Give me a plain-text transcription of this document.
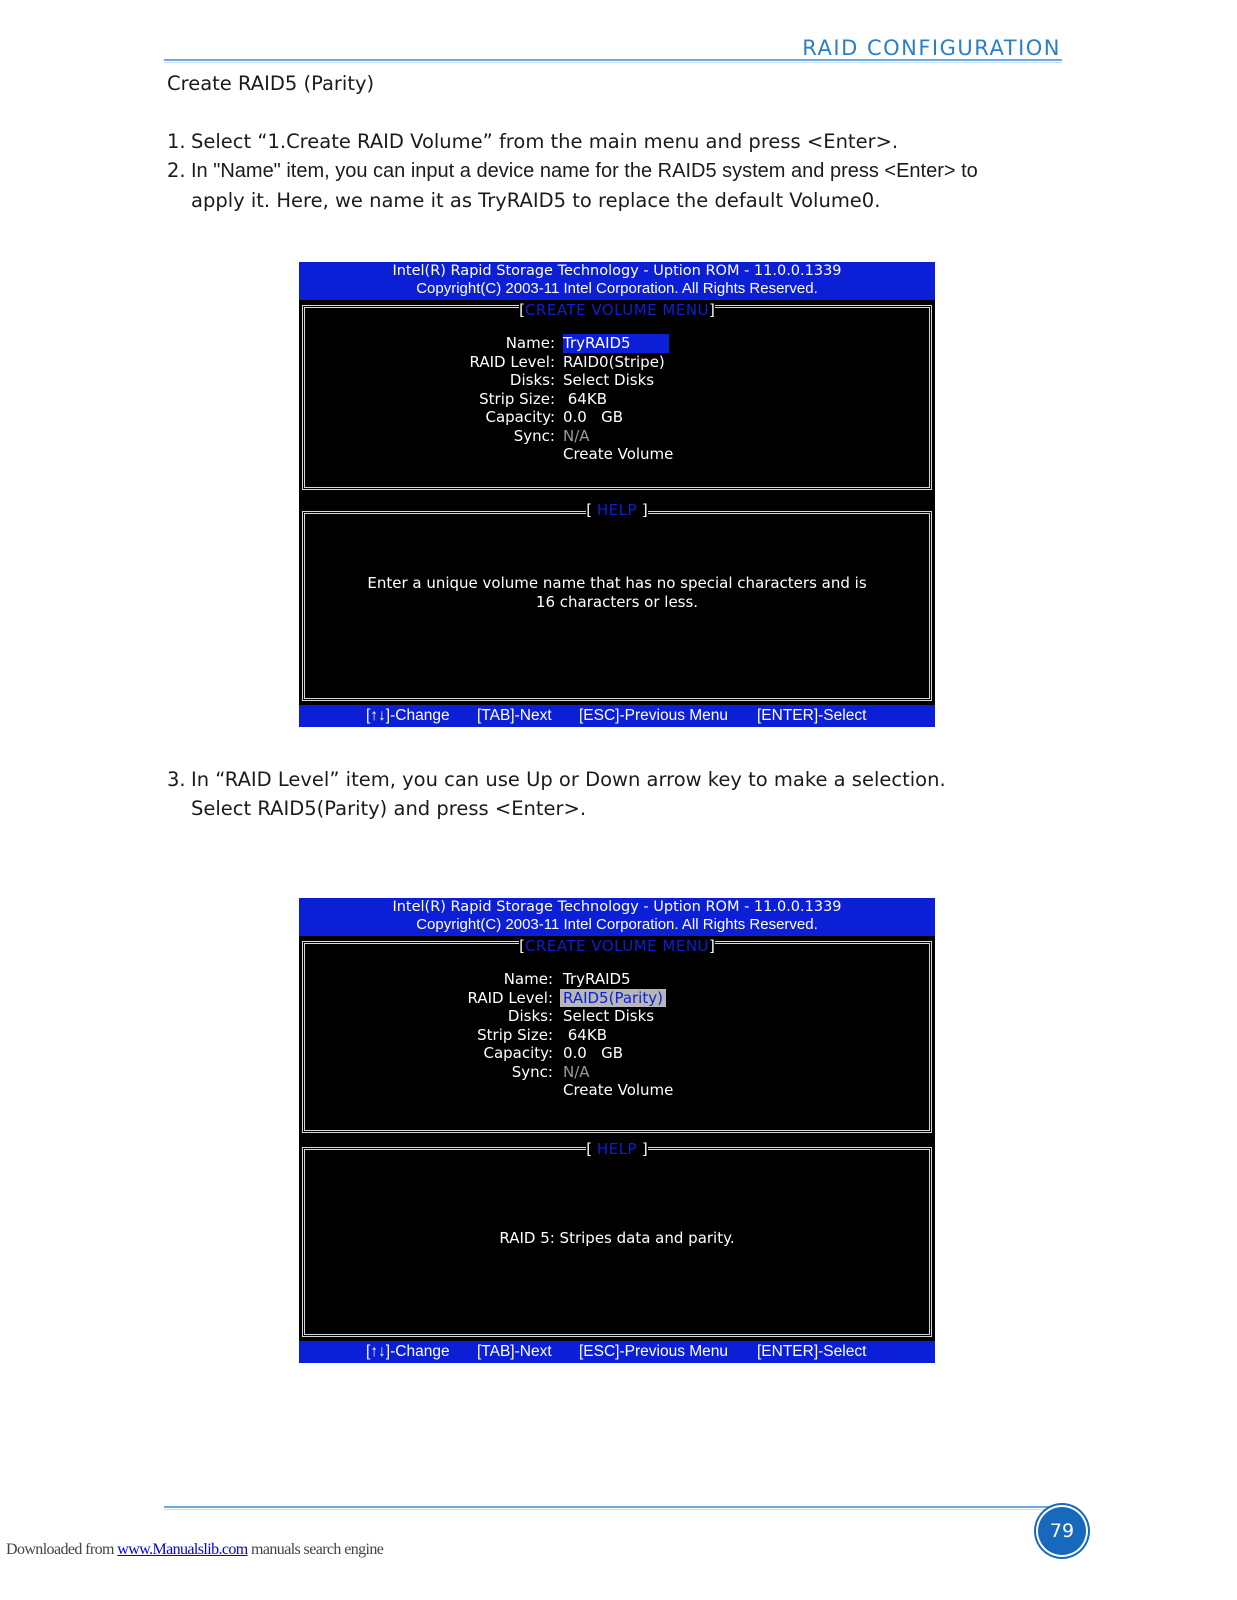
RAID CONFIGURATION
Create RAID5 (Parity)
1. Select “1.Create RAID Volume” from the main menu and press <Enter>.
2. In "Name" item, you can input a device name for the RAID5 system and press <Enter> to
apply it. Here, we name it as TryRAID5 to replace the default Volume0.
Intel(R) Rapid Storage Technology - Uption ROM - 11.0.0.1339
Copyright(C) 2003-11 Intel Corporation. All Rights Reserved.
[CREATE VOLUME MENU]
Name: TryRAID5
RAID Level: RAID0(Stripe)
Disks: Select Disks
Strip Size: 64KB
Capacity: 0.0   GB
Sync: N/A
Create Volume
[ HELP ]
Enter a unique volume name that has no special characters and is
16 characters or less.
[↑↓]-Change [TAB]-Next [ESC]-Previous Menu [ENTER]-Select
3. In “RAID Level” item, you can use Up or Down arrow key to make a selection.
Select RAID5(Parity) and press <Enter>.
Intel(R) Rapid Storage Technology - Uption ROM - 11.0.0.1339
Copyright(C) 2003-11 Intel Corporation. All Rights Reserved.
[CREATE VOLUME MENU]
Name: TryRAID5
RAID Level: RAID5(Parity)
Disks: Select Disks
Strip Size: 64KB
Capacity: 0.0   GB
Sync: N/A
Create Volume
[ HELP ]
RAID 5: Stripes data and parity.
[↑↓]-Change [TAB]-Next [ESC]-Previous Menu [ENTER]-Select
79
Downloaded from www.Manualslib.com manuals search engine
